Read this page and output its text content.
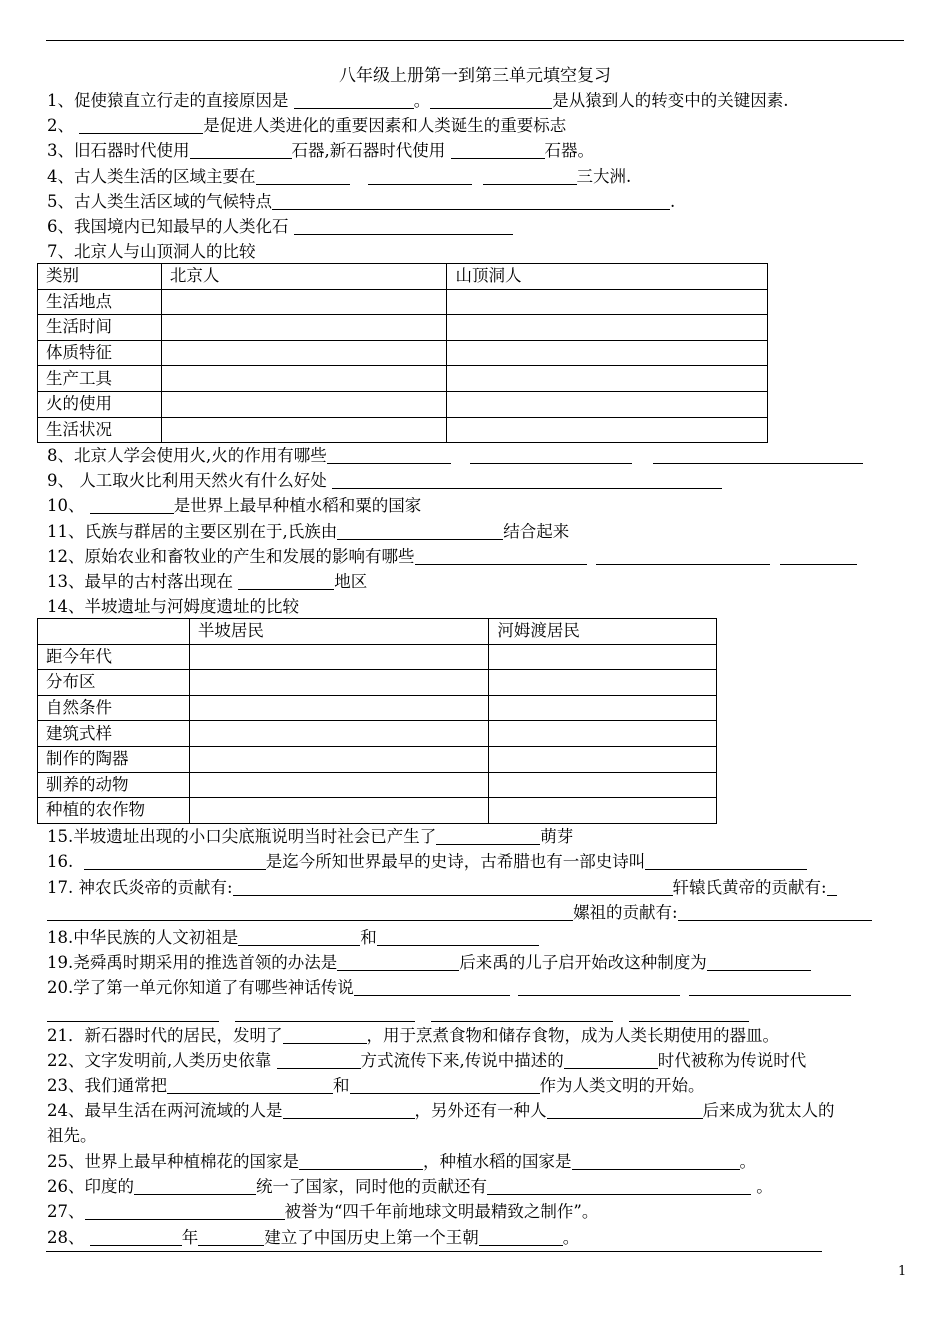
八年级上册第一到第三单元填空复习
1、促使猿直立行走的直接原因是	。	是从猿到人的转变中的关键因素.
2、	是促进人类进化的重要因素和人类诞生的重要标志
3、旧石器时代使用	石器,新石器时代使用	石器。
4、古人类生活的区域主要在	三大洲.
5、古人类生活区域的气候特点	.
6、我国境内已知最早的人类化石
7、北京人与山顶洞人的比较
类别	北京人	山顶洞人
生活地点		
生活时间		
体质特征		
生产工具		
火的使用		
生活状况		
8、北京人学会使用火,火的作用有哪些
9、 人工取火比利用天然火有什么好处
10、	是世界上最早种植水稻和粟的国家
11、氏族与群居的主要区别在于,氏族由	结合起来
12、原始农业和畜牧业的产生和发展的影响有哪些
13、最早的古村落出现在	地区
14、半坡遗址与河姆度遗址的比较
	半坡居民	河姆渡居民
距今年代		
分布区		
自然条件		
建筑式样		
制作的陶器		
驯养的动物		
种植的农作物		
15.半坡遗址出现的小口尖底瓶说明当时社会已产生了	萌芽
16.	是迄今所知世界最早的史诗，古希腊也有一部史诗叫
17. 神农氏炎帝的贡献有:	轩辕氏黄帝的贡献有:
嫘祖的贡献有:
18.中华民族的人文初祖是	和
19.尧舜禹时期采用的推选首领的办法是	后来禹的儿子启开始改这种制度为
20.学了第一单元你知道了有哪些神话传说
21．新石器时代的居民，发明了	，用于烹煮食物和储存食物，成为人类长期使用的器皿。
22、文字发明前,人类历史依靠	方式流传下来,传说中描述的	时代被称为传说时代
23、我们通常把	和	作为人类文明的开始。
24、最早生活在两河流域的人是	，另外还有一种人	后来成为犹太人的
祖先。
25、世界上最早种植棉花的国家是	，种植水稻的国家是	。
26、印度的	统一了国家，同时他的贡献还有	。
27、	被誉为“四千年前地球文明最精致之制作”。
28、	年	建立了中国历史上第一个王朝	。
1
